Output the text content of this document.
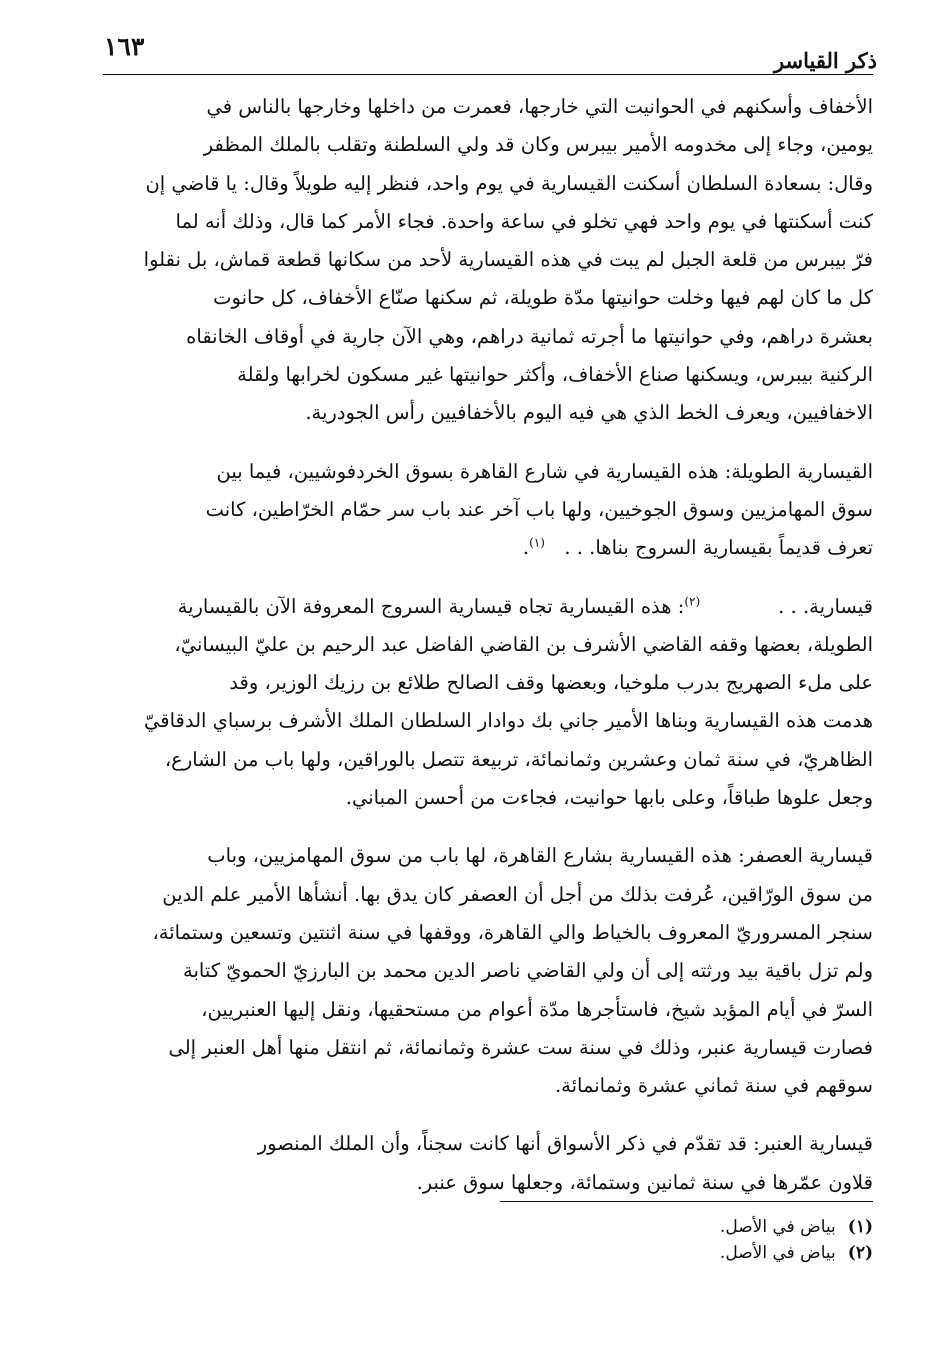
ذكر القياسر
١٦٣
الأخفاف وأسكنهم في الحوانيت التي خارجها، فعمرت من داخلها وخارجها بالناس في
يومين، وجاء إلى مخدومه الأمير بيبرس وكان قد ولي السلطنة وتقلب بالملك المظفر
وقال: بسعادة السلطان أسكنت القيسارية في يوم واحد، فنظر إليه طويلاً وقال: يا قاضي إن
كنت أسكنتها في يوم واحد فهي تخلو في ساعة واحدة. فجاء الأمر كما قال، وذلك أنه لما
فرّ بيبرس من قلعة الجبل لم يبت في هذه القيسارية لأحد من سكانها قطعة قماش، بل نقلوا
كل ما كان لهم فيها وخلت حوانيتها مدّة طويلة، ثم سكنها صنّاع الأخفاف، كل حانوت
بعشرة دراهم، وفي حوانيتها ما أجرته ثمانية دراهم، وهي الآن جارية في أوقاف الخانقاه
الركنية بيبرس، ويسكنها صناع الأخفاف، وأكثر حوانيتها غير مسكون لخرابها ولقلة
الاخفافيين، ويعرف الخط الذي هي فيه اليوم بالأخفافيين رأس الجودرية.
القيسارية الطويلة: هذه القيسارية في شارع القاهرة بسوق الخردفوشيين، فيما بين
سوق المهامزيين وسوق الجوخيين، ولها باب آخر عند باب سر حمّام الخرّاطين، كانت
تعرف قديماً بقيسارية السروج بناها. . . $^{(١)}$.
قيسارية. . .    $^{(٢)}$: هذه القيسارية تجاه قيسارية السروج المعروفة الآن بالقيسارية
الطويلة، بعضها وقفه القاضي الأشرف بن القاضي الفاضل عبد الرحيم بن عليّ البيسانيّ،
على ملء الصهريج بدرب ملوخيا، وبعضها وقف الصالح طلائع بن رزيك الوزير، وقد
هدمت هذه القيسارية وبناها الأمير جاني بك دوادار السلطان الملك الأشرف برسباي الدقاقيّ
الظاهريّ، في سنة ثمان وعشرين وثمانمائة، تربيعة تتصل بالوراقين، ولها باب من الشارع،
وجعل علوها طباقاً، وعلى بابها حوانيت، فجاءت من أحسن المباني.
قيسارية العصفر: هذه القيسارية بشارع القاهرة، لها باب من سوق المهامزيين، وباب
من سوق الورّاقين، عُرفت بذلك من أجل أن العصفر كان يدق بها. أنشأها الأمير علم الدين
سنجر المسروريّ المعروف بالخياط والي القاهرة، ووقفها في سنة اثنتين وتسعين وستمائة،
ولم تزل باقية بيد ورثته إلى أن ولي القاضي ناصر الدين محمد بن البارزيّ الحمويّ كتابة
السرّ في أيام المؤيد شيخ، فاستأجرها مدّة أعوام من مستحقيها، ونقل إليها العنبريين،
فصارت قيسارية عنبر، وذلك في سنة ست عشرة وثمانمائة، ثم انتقل منها أهل العنبر إلى
سوقهم في سنة ثماني عشرة وثمانمائة.
قيسارية العنبر: قد تقدّم في ذكر الأسواق أنها كانت سجناً، وأن الملك المنصور
قلاون عمّرها في سنة ثمانين وستمائة، وجعلها سوق عنبر.
(١)بياض في الأصل.
(٢)بياض في الأصل.
